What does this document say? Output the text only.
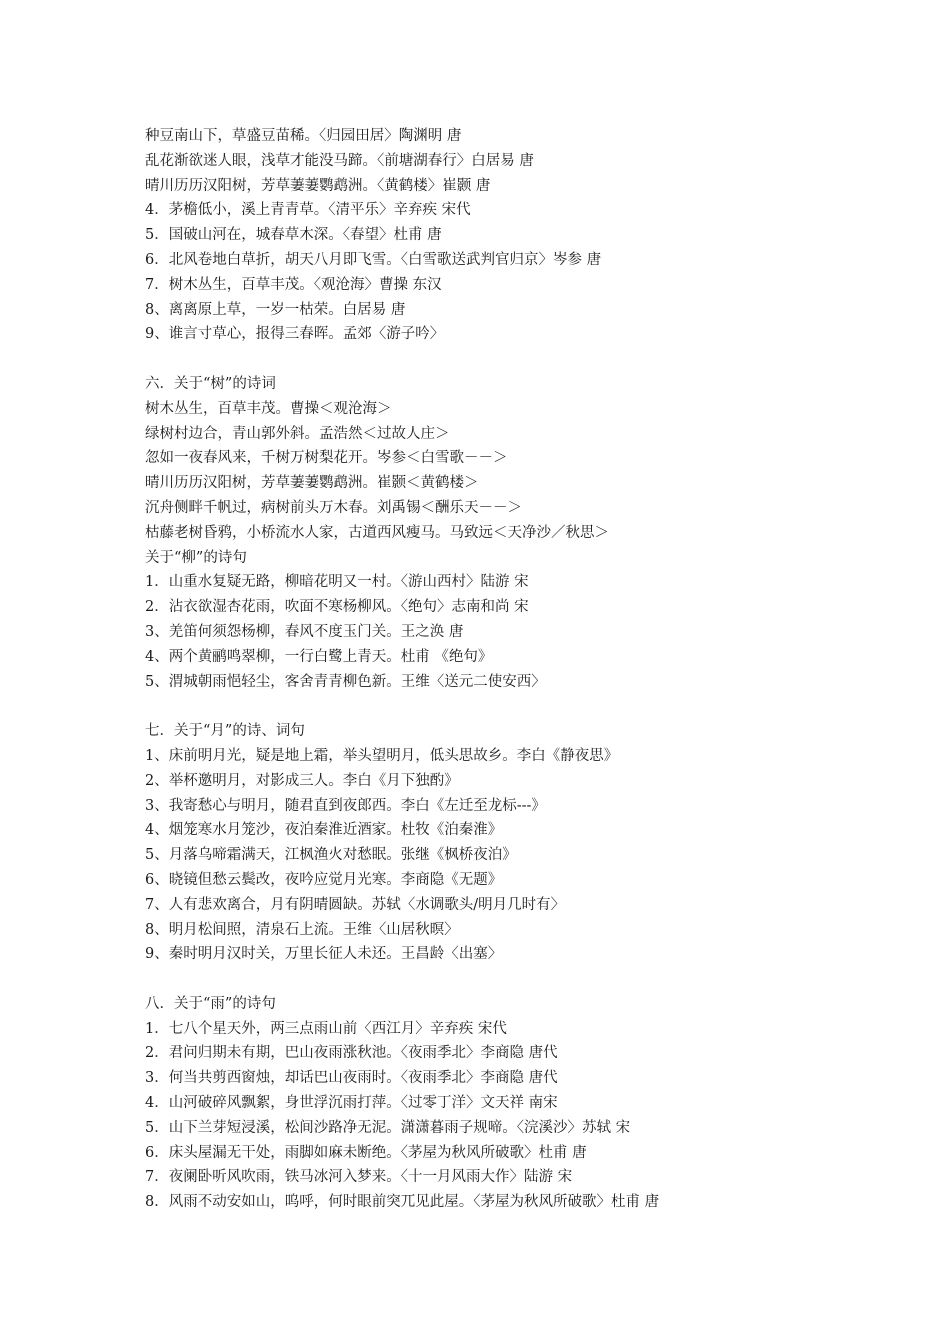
种豆南山下，草盛豆苗稀。〈归园田居〉陶渊明 唐
乱花渐欲迷人眼，浅草才能没马蹄。〈前塘湖春行〉白居易 唐
晴川历历汉阳树，芳草萋萋鹦鹉洲。〈黄鹤楼〉崔颢 唐
4．茅檐低小，溪上青青草。〈清平乐〉辛弃疾 宋代
5．国破山河在，城春草木深。〈春望〉杜甫 唐
6．北风卷地白草折，胡天八月即飞雪。〈白雪歌送武判官归京〉岑参 唐
7．树木丛生，百草丰茂。〈观沧海〉曹操 东汉
8、离离原上草，一岁一枯荣。白居易 唐
9、谁言寸草心，报得三春晖。孟郊〈游子吟〉
六．关于“树”的诗词
树木丛生，百草丰茂。曹操＜观沧海＞
绿树村边合，青山郭外斜。孟浩然＜过故人庄＞
忽如一夜春风来，千树万树梨花开。岑参＜白雪歌－－＞
晴川历历汉阳树，芳草萋萋鹦鹉洲。崔颢＜黄鹤楼＞
沉舟侧畔千帆过，病树前头万木春。刘禹锡＜酬乐天－－＞
枯藤老树昏鸦，小桥流水人家，古道西风瘦马。马致远＜天净沙／秋思＞
关于“柳”的诗句
1．山重水复疑无路，柳暗花明又一村。〈游山西村〉陆游 宋
2．沾衣欲湿杏花雨，吹面不寒杨柳风。〈绝句〉志南和尚 宋
3、羌笛何须怨杨柳，春风不度玉门关。王之涣 唐
4、两个黄鹂鸣翠柳，一行白鹭上青天。杜甫 《绝句》
5、渭城朝雨悒轻尘，客舍青青柳色新。王维〈送元二使安西〉
七．关于“月”的诗、词句
1、床前明月光，疑是地上霜，举头望明月，低头思故乡。李白《静夜思》
2、举杯邀明月，对影成三人。李白《月下独酌》
3、我寄愁心与明月，随君直到夜郎西。李白《左迁至龙标---》
4、烟笼寒水月笼沙，夜泊秦淮近酒家。杜牧《泊秦淮》
5、月落乌啼霜满天，江枫渔火对愁眠。张继《枫桥夜泊》
6、晓镜但愁云鬓改，夜吟应觉月光寒。李商隐《无题》
7、人有悲欢离合，月有阴晴圆缺。苏轼〈水调歌头/明月几时有〉
8、明月松间照，清泉石上流。王维〈山居秋暝〉
9、秦时明月汉时关，万里长征人未还。王昌龄〈出塞〉
八．关于“雨”的诗句
1．七八个星天外，两三点雨山前〈西江月〉辛弃疾 宋代
2．君问归期未有期，巴山夜雨涨秋池。〈夜雨季北〉李商隐 唐代
3．何当共剪西窗烛，却话巴山夜雨时。〈夜雨季北〉李商隐 唐代
4．山河破碎风飘絮，身世浮沉雨打萍。〈过零丁洋〉文天祥 南宋
5．山下兰芽短浸溪，松间沙路净无泥。潇潇暮雨子规啼。〈浣溪沙〉苏轼 宋
6．床头屋漏无干处，雨脚如麻未断绝。〈茅屋为秋风所破歌〉杜甫 唐
7．夜阑卧听风吹雨，铁马冰河入梦来。〈十一月风雨大作〉陆游 宋
8．风雨不动安如山，呜呼，何时眼前突兀见此屋。〈茅屋为秋风所破歌〉杜甫 唐
